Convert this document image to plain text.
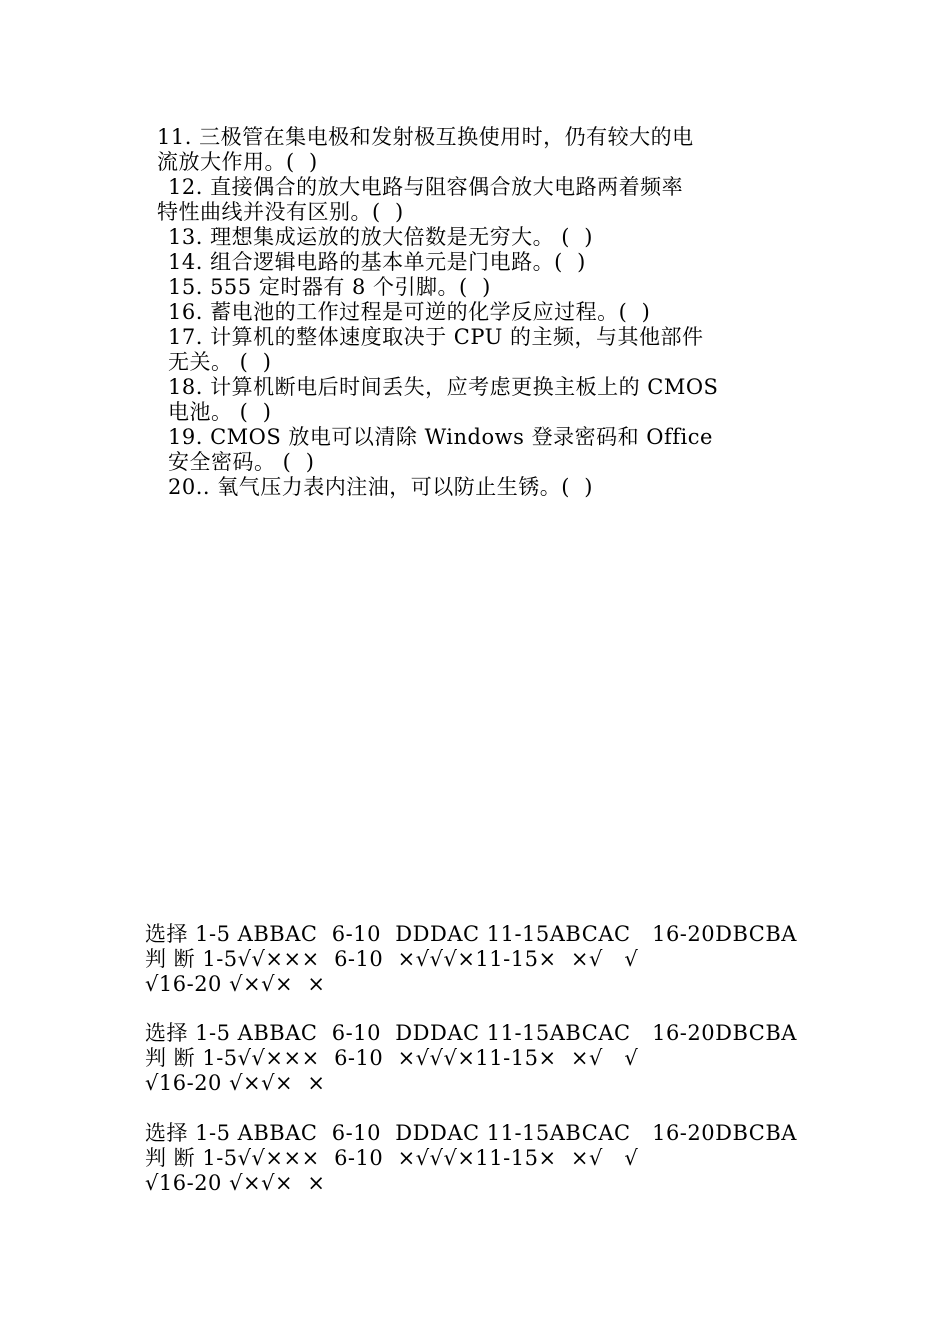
11. 三极管在集电极和发射极互换使用时，仍有较大的电
流放大作用。(  )
12. 直接偶合的放大电路与阻容偶合放大电路两着频率
特性曲线并没有区别。(  )
13. 理想集成运放的放大倍数是无穷大。 (  )
14. 组合逻辑电路的基本单元是门电路。(  )
15. 555 定时器有 8 个引脚。(  )
16. 蓄电池的工作过程是可逆的化学反应过程。(  )
17. 计算机的整体速度取决于 CPU 的主频，与其他部件
无关。 (  )
18. 计算机断电后时间丢失，应考虑更换主板上的 CMOS
电池。 (  )
19. CMOS 放电可以清除 Windows 登录密码和 Office
安全密码。 (  )
20.. 氧气压力表内注油，可以防止生锈。(  )
选择 1-5 ABBAC  6-10  DDDAC 11-15ABCAC   16-20DBCBA
判 断 1-5√√×××  6-10  ×√√√×11-15×  ×√   √
√16-20 √×√×  ×
选择 1-5 ABBAC  6-10  DDDAC 11-15ABCAC   16-20DBCBA
判 断 1-5√√×××  6-10  ×√√√×11-15×  ×√   √
√16-20 √×√×  ×
选择 1-5 ABBAC  6-10  DDDAC 11-15ABCAC   16-20DBCBA
判 断 1-5√√×××  6-10  ×√√√×11-15×  ×√   √
√16-20 √×√×  ×
